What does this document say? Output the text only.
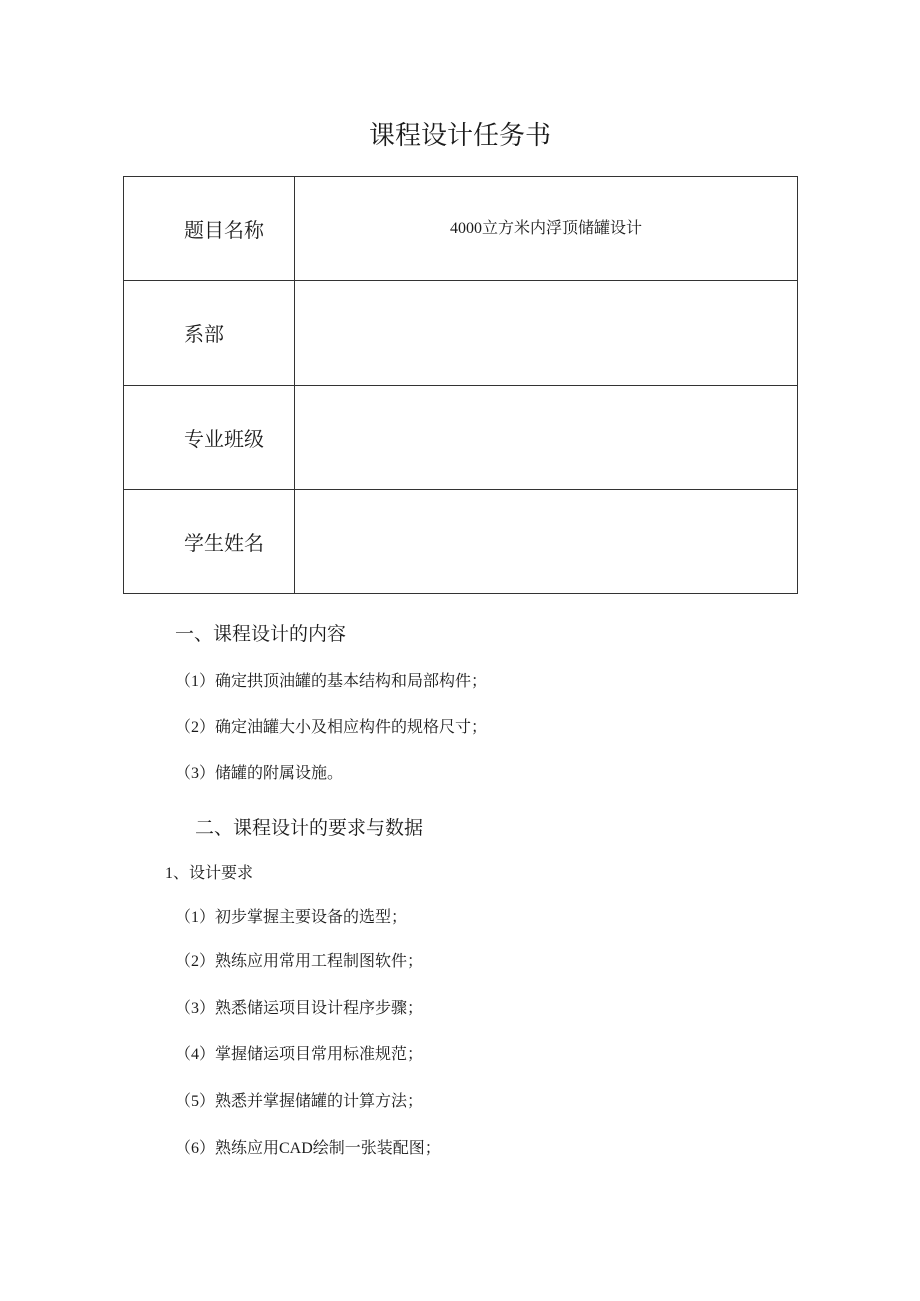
课程设计任务书
题目名称	4000立方米内浮顶储罐设计
系部	
专业班级	
学生姓名	
一、课程设计的内容
（1）确定拱顶油罐的基本结构和局部构件；
（2）确定油罐大小及相应构件的规格尺寸；
（3）储罐的附属设施。
二、课程设计的要求与数据
1、设计要求
（1）初步掌握主要设备的选型；
（2）熟练应用常用工程制图软件；
（3）熟悉储运项目设计程序步骤；
（4）掌握储运项目常用标准规范；
（5）熟悉并掌握储罐的计算方法；
（6）熟练应用CAD绘制一张装配图；
